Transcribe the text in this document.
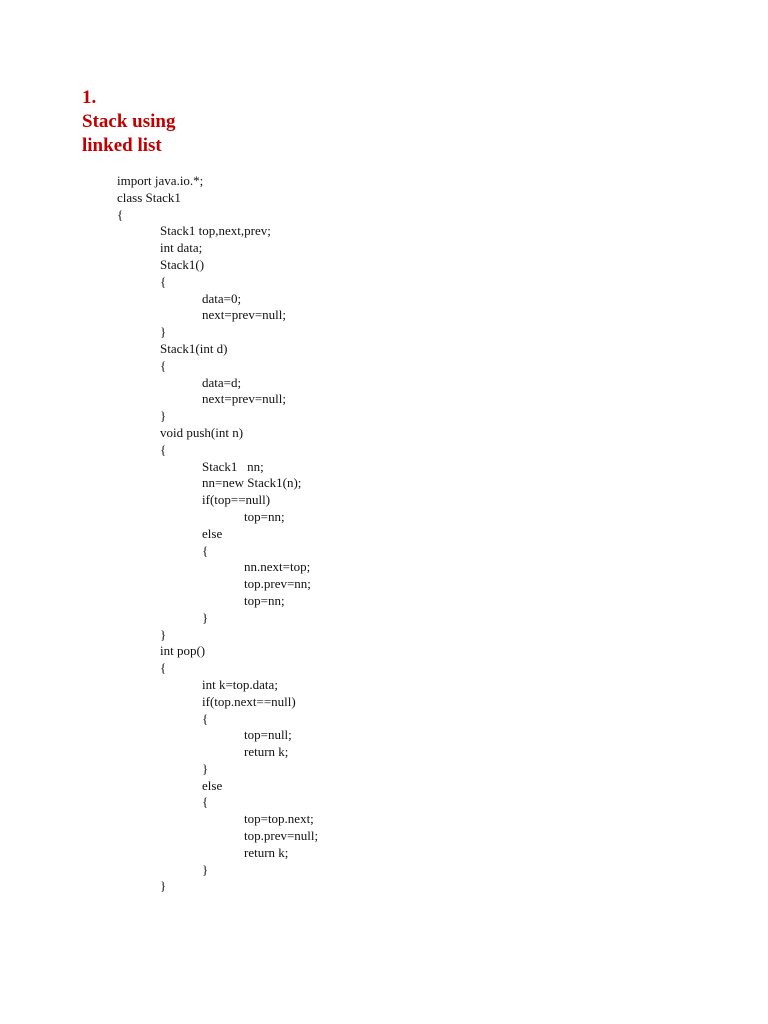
1.
Stack using
linked list
import java.io.*;
class Stack1
{
Stack1 top,next,prev;
int data;
Stack1()
{
data=0;
next=prev=null;
}
Stack1(int d)
{
data=d;
next=prev=null;
}
void push(int n)
{
Stack1   nn;
nn=new Stack1(n);
if(top==null)
top=nn;
else
{
nn.next=top;
top.prev=nn;
top=nn;
}
}
int pop()
{
int k=top.data;
if(top.next==null)
{
top=null;
return k;
}
else
{
top=top.next;
top.prev=null;
return k;
}
}
